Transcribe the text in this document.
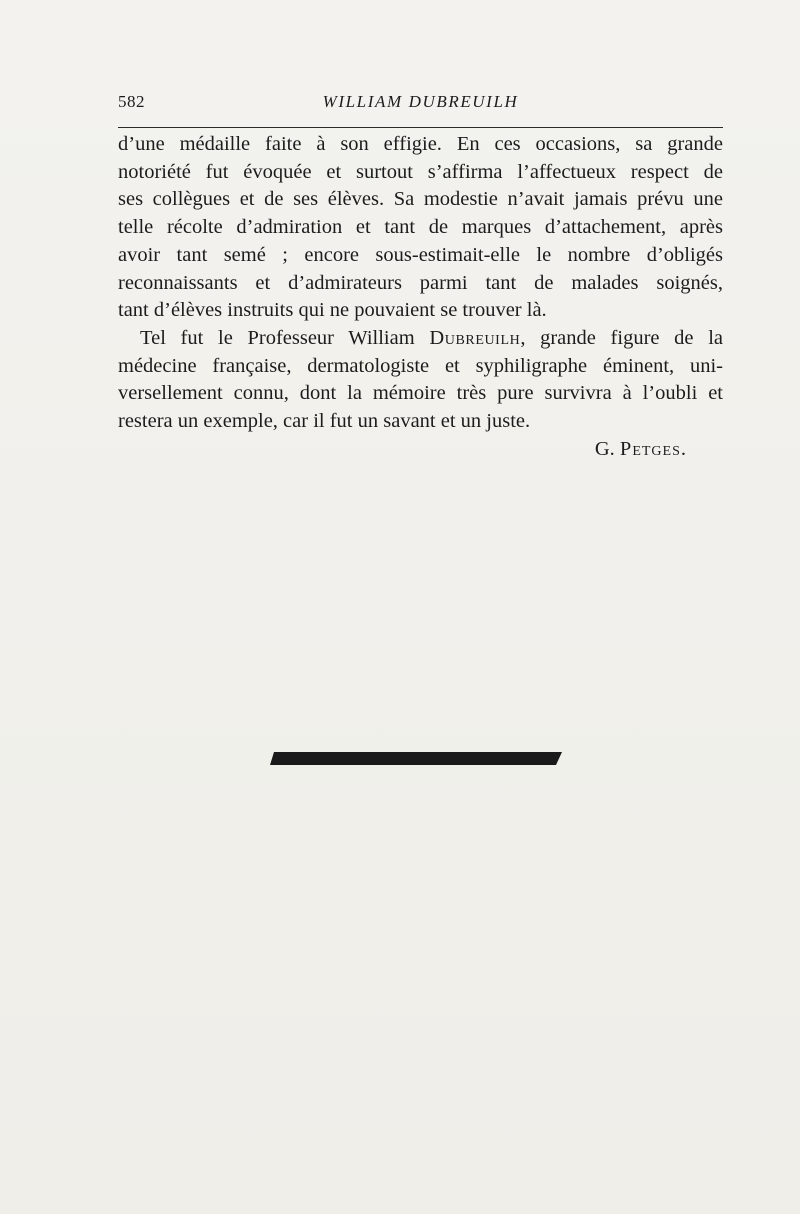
582	WILLIAM DUBREUILH
d’une médaille faite à son effigie. En ces occasions, sa grande
notoriété fut évoquée et surtout s’affirma l’affectueux respect de
ses collègues et de ses élèves. Sa modestie n’avait jamais prévu une
telle récolte d’admiration et tant de marques d’attachement, après
avoir tant semé ; encore sous-estimait-elle le nombre d’obligés
reconnaissants et d’admirateurs parmi tant de malades soignés,
tant d’élèves instruits qui ne pouvaient se trouver là.
Tel fut le Professeur William Dubreuilh, grande figure de la
médecine française, dermatologiste et syphiligraphe éminent, uni-
versellement connu, dont la mémoire très pure survivra à l’oubli et
restera un exemple, car il fut un savant et un juste.
G. Petges.
